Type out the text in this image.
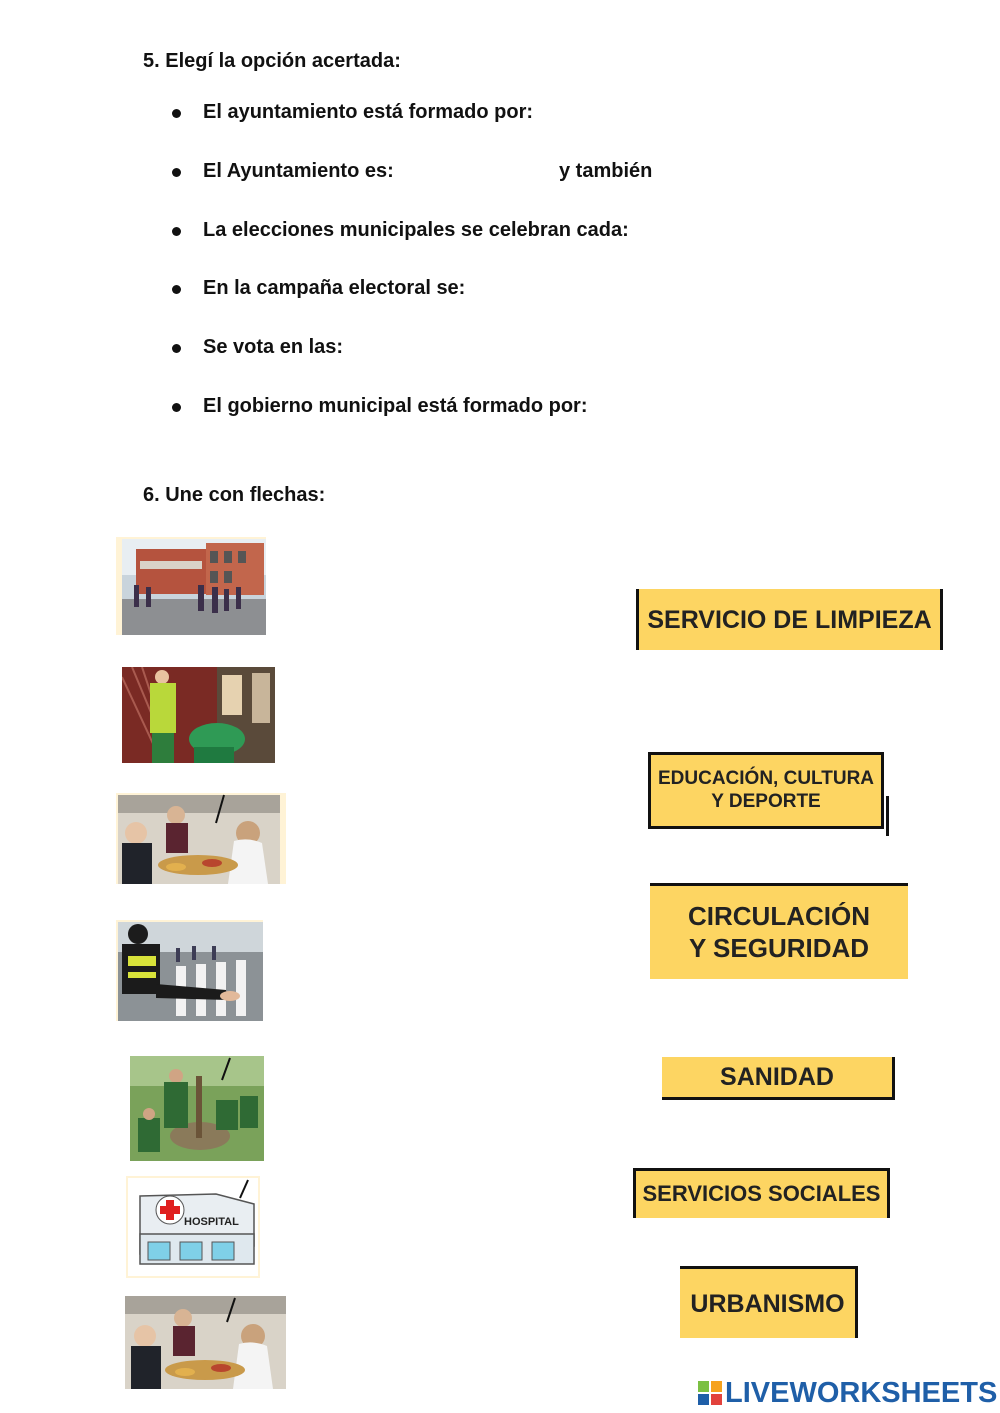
5. Elegí la opción acertada:
El ayuntamiento está formado por:
El Ayuntamiento es:	y también
La elecciones municipales se celebran cada:
En la campaña electoral se:
Se vota en las:
El gobierno municipal está formado por:
6. Une con flechas:
HOSPITAL
SERVICIO DE LIMPIEZA
EDUCACIÓN, CULTURA Y DEPORTE
CIRCULACIÓN Y SEGURIDAD
SANIDAD
SERVICIOS SOCIALES
URBANISMO
LIVEWORKSHEETS
